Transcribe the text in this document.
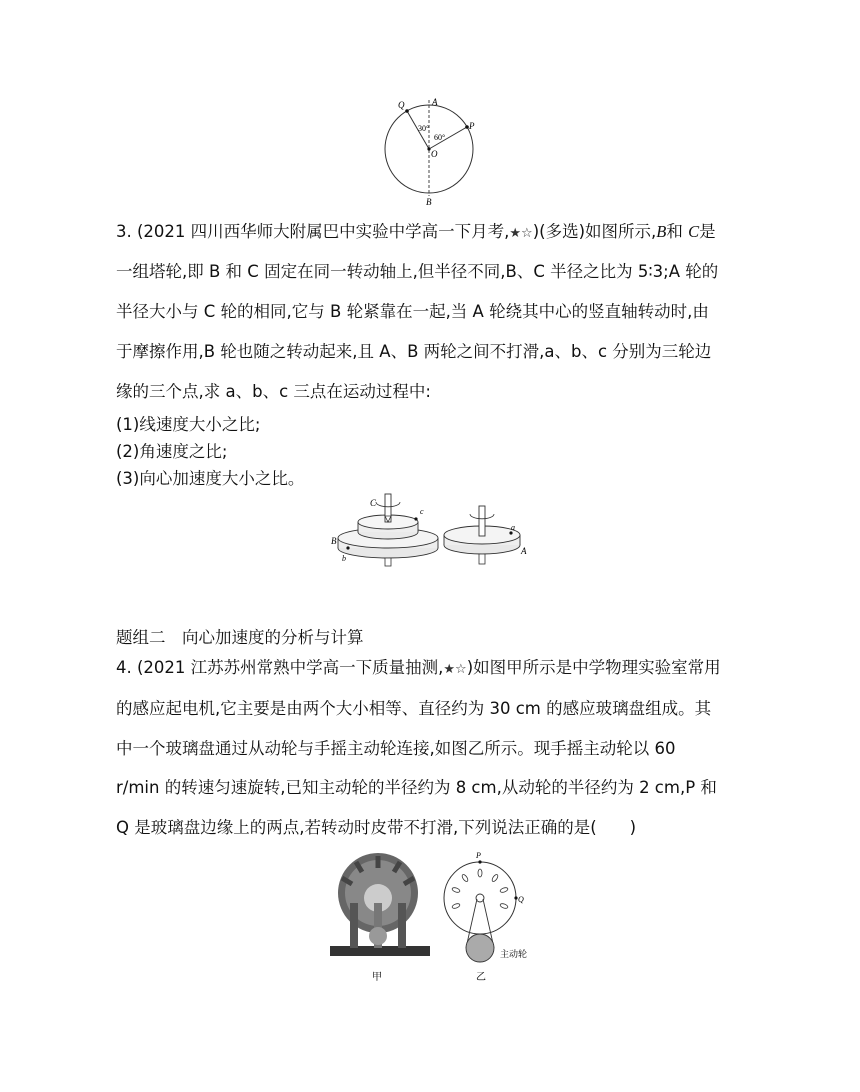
Q	A
P
O
B
30°
60°
3. (2021 四川西华师大附属巴中实验中学高一下月考,★☆)(多选)如图所示,B和 C是
一组塔轮,即 B 和 C 固定在同一转动轴上,但半径不同,B、C 半径之比为 5∶3;A 轮的
半径大小与 C 轮的相同,它与 B 轮紧靠在一起,当 A 轮绕其中心的竖直轴转动时,由
于摩擦作用,B 轮也随之转动起来,且 A、B 两轮之间不打滑,a、b、c 分别为三轮边
缘的三个点,求 a、b、c 三点在运动过程中:
(1)线速度大小之比;
(2)角速度之比;
(3)向心加速度大小之比。
C
c
B
b
a
A
题组二　向心加速度的分析与计算
4. (2021 江苏苏州常熟中学高一下质量抽测,★☆)如图甲所示是中学物理实验室常用
的感应起电机,它主要是由两个大小相等、直径约为 30 cm 的感应玻璃盘组成。其
中一个玻璃盘通过从动轮与手摇主动轮连接,如图乙所示。现手摇主动轮以 60
r/min 的转速匀速旋转,已知主动轮的半径约为 8 cm,从动轮的半径约为 2 cm,P 和
Q 是玻璃盘边缘上的两点,若转动时皮带不打滑,下列说法正确的是(　　)
甲
P
Q
主动轮
乙
